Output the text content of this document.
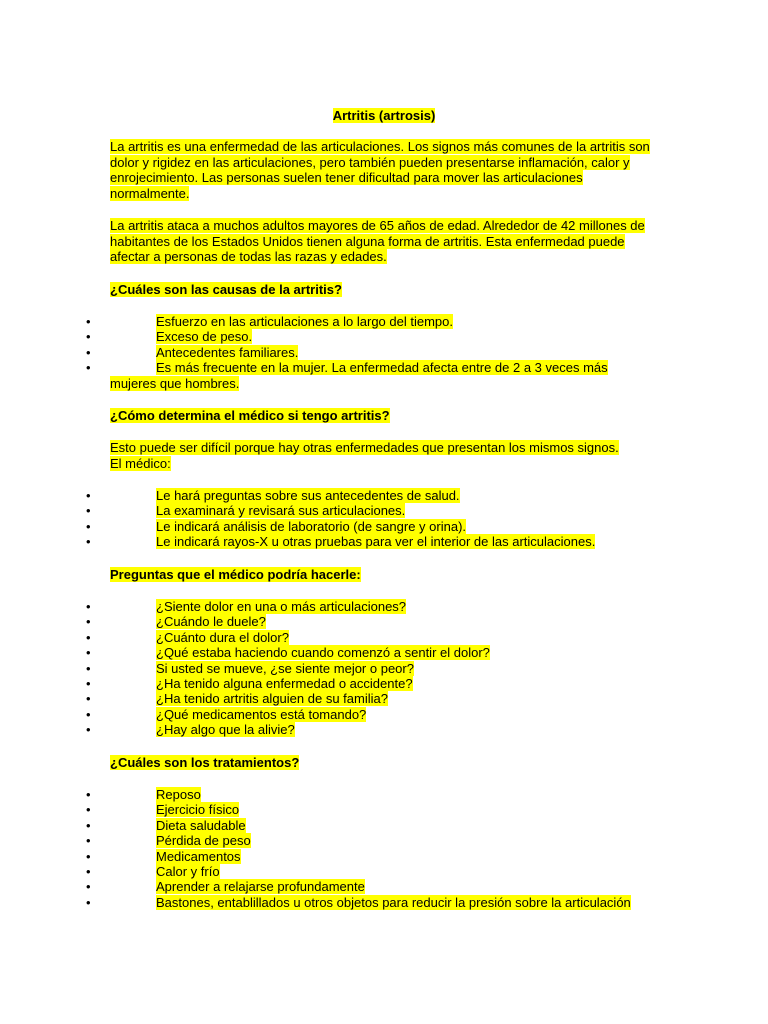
Artritis (artrosis)

La artritis es una enfermedad de las articulaciones. Los signos más comunes de la artritis son dolor y rigidez en las articulaciones, pero también pueden presentarse inflamación, calor y enrojecimiento. Las personas suelen tener dificultad para mover las articulaciones normalmente.

La artritis ataca a muchos adultos mayores de 65 años de edad. Alrededor de 42 millones de habitantes de los Estados Unidos tienen alguna forma de artritis. Esta enfermedad puede afectar a personas de todas las razas y edades.

¿Cuáles son las causas de la artritis?
•	Esfuerzo en las articulaciones a lo largo del tiempo.
•	Exceso de peso.
•	Antecedentes familiares.
•	Es más frecuente en la mujer. La enfermedad afecta entre de 2 a 3 veces más mujeres que hombres.
¿Cómo determina el médico si tengo artritis?

Esto puede ser difícil porque hay otras enfermedades que presentan los mismos signos. El médico:

•	Le hará preguntas sobre sus antecedentes de salud.
•	La examinará y revisará sus articulaciones.
•	Le indicará análisis de laboratorio (de sangre y orina).
•	Le indicará rayos-X u otras pruebas para ver el interior de las articulaciones.
Preguntas que el médico podría hacerle:
•	¿Siente dolor en una o más articulaciones?
•	¿Cuándo le duele?
•	¿Cuánto dura el dolor?
•	¿Qué estaba haciendo cuando comenzó a sentir el dolor?
•	Si usted se mueve, ¿se siente mejor o peor?
•	¿Ha tenido alguna enfermedad o accidente?
•	¿Ha tenido artritis alguien de su familia?
•	¿Qué medicamentos está tomando?
•	¿Hay algo que la alivie?
¿Cuáles son los tratamientos?
•	Reposo
•	Ejercicio físico
•	Dieta saludable
•	Pérdida de peso
•	Medicamentos
•	Calor y frío
•	Aprender a relajarse profundamente
•	Bastones, entablillados u otros objetos para reducir la presión sobre la articulación
